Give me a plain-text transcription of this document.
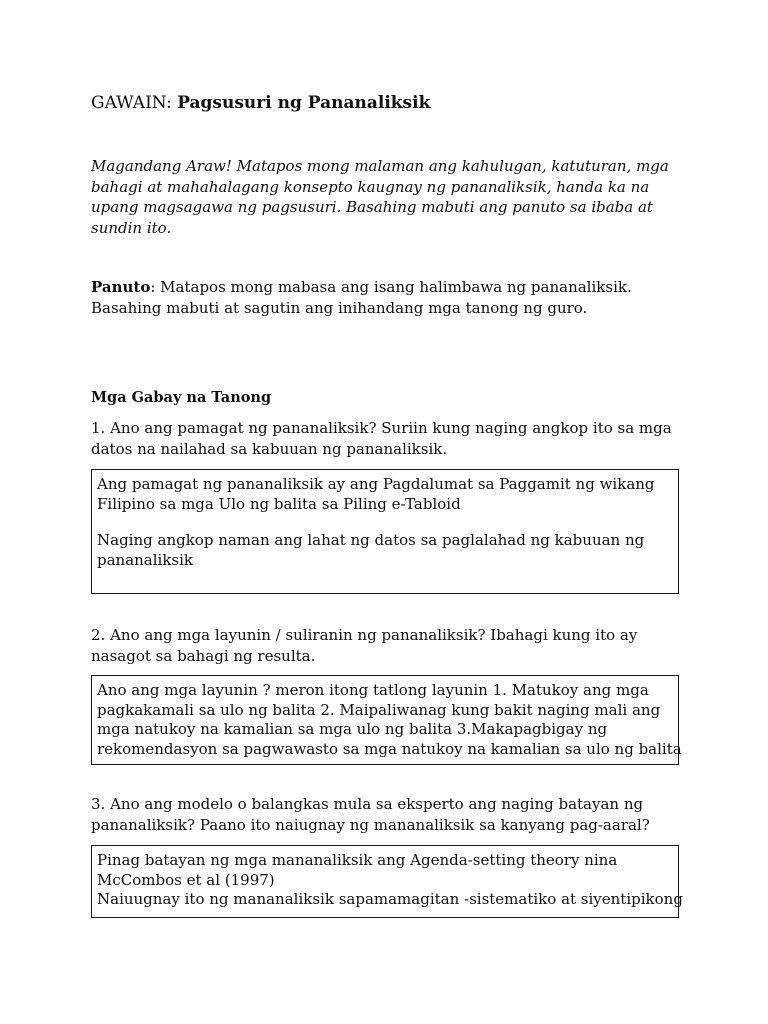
GAWAIN: Pagsusuri ng Pananaliksik
Magandang Araw! Matapos mong malaman ang kahulugan, katuturan, mga
bahagi at mahahalagang konsepto kaugnay ng pananaliksik, handa ka na
upang magsagawa ng pagsusuri. Basahing mabuti ang panuto sa ibaba at
sundin ito.
Panuto: Matapos mong mabasa ang isang halimbawa ng pananaliksik.
Basahing mabuti at sagutin ang inihandang mga tanong ng guro.
Mga Gabay na Tanong
1. Ano ang pamagat ng pananaliksik? Suriin kung naging angkop ito sa mga
datos na nailahad sa kabuuan ng pananaliksik.
Ang pamagat ng pananaliksik ay ang Pagdalumat sa Paggamit ng wikang
Filipino sa mga Ulo ng balita sa Piling e-Tabloid
Naging angkop naman ang lahat ng datos sa paglalahad ng kabuuan ng
pananaliksik
2. Ano ang mga layunin / suliranin ng pananaliksik? Ibahagi kung ito ay
nasagot sa bahagi ng resulta.
Ano ang mga layunin ? meron itong tatlong layunin 1. Matukoy ang mga
pagkakamali sa ulo ng balita 2. Maipaliwanag kung bakit naging mali ang
mga natukoy na kamalian sa mga ulo ng balita 3.Makapagbigay ng
rekomendasyon sa pagwawasto sa mga natukoy na kamalian sa ulo ng balita
3. Ano ang modelo o balangkas mula sa eksperto ang naging batayan ng
pananaliksik? Paano ito naiugnay ng mananaliksik sa kanyang pag-aaral?
Pinag batayan ng mga mananaliksik ang Agenda-setting theory nina
McCombos et al (1997)
Naiuugnay ito ng mananaliksik sapamamagitan -sistematiko at siyentipikong
